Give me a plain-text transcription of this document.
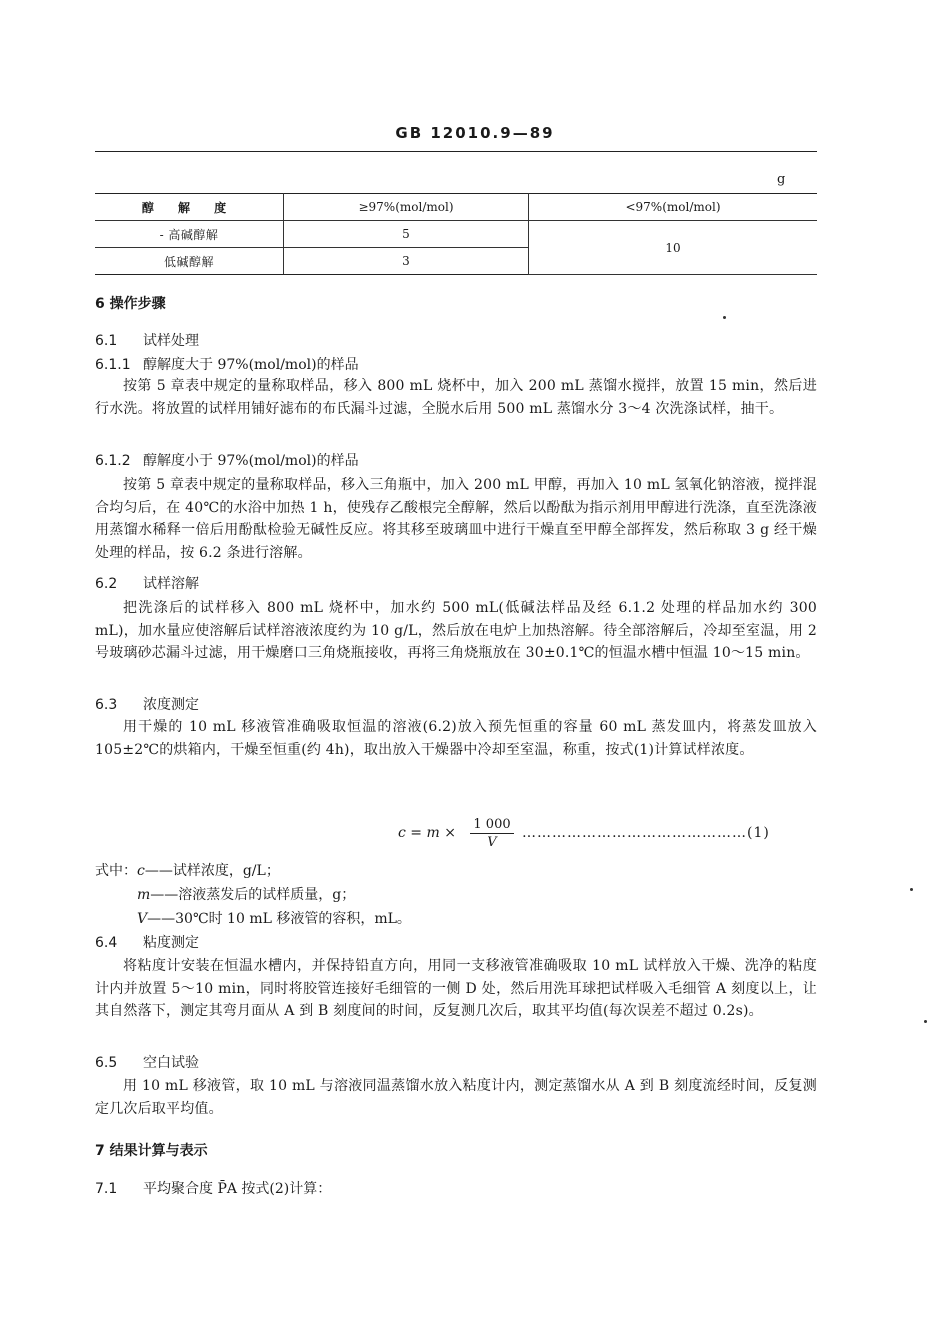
GB 12010.9—89
g
醇 解 度	≥97%(mol/mol)	<97%(mol/mol)
- 高碱醇解	5	10
低碱醇解	3	
6 操作步骤
6.1 试样处理
6.1.1 醇解度大于 97%(mol/mol)的样品
按第 5 章表中规定的量称取样品，移入 800 mL 烧杯中，加入 200 mL 蒸馏水搅拌，放置 15 min，然后进行水洗。将放置的试样用铺好滤布的布氏漏斗过滤，全脱水后用 500 mL 蒸馏水分 3～4 次洗涤试样，抽干。
6.1.2 醇解度小于 97%(mol/mol)的样品
按第 5 章表中规定的量称取样品，移入三角瓶中，加入 200 mL 甲醇，再加入 10 mL 氢氧化钠溶液，搅拌混合均匀后，在 40℃的水浴中加热 1 h，使残存乙酸根完全醇解，然后以酚酞为指示剂用甲醇进行洗涤，直至洗涤液用蒸馏水稀释一倍后用酚酞检验无碱性反应。将其移至玻璃皿中进行干燥直至甲醇全部挥发，然后称取 3 g 经干燥处理的样品，按 6.2 条进行溶解。
6.2 试样溶解
把洗涤后的试样移入 800 mL 烧杯中，加水约 500 mL(低碱法样品及经 6.1.2 处理的样品加水约 300 mL)，加水量应使溶解后试样溶液浓度约为 10 g/L，然后放在电炉上加热溶解。待全部溶解后，冷却至室温，用 2 号玻璃砂芯漏斗过滤，用干燥磨口三角烧瓶接收，再将三角烧瓶放在 30±0.1℃的恒温水槽中恒温 10～15 min。
6.3 浓度测定
用干燥的 10 mL 移液管准确吸取恒温的溶液(6.2)放入预先恒重的容量 60 mL 蒸发皿内，将蒸发皿放入 105±2℃的烘箱内，干燥至恒重(约 4h)，取出放入干燥器中冷却至室温，称重，按式(1)计算试样浓度。
$c = m \times \frac{1 000}{V}$ ………………………………………(1)
式中：c——试样浓度，g/L；
m——溶液蒸发后的试样质量，g；
V——30℃时 10 mL 移液管的容积，mL。
6.4 粘度测定
将粘度计安装在恒温水槽内，并保持铅直方向，用同一支移液管准确吸取 10 mL 试样放入干燥、洗净的粘度计内并放置 5～10 min，同时将胶管连接好毛细管的一侧 D 处，然后用洗耳球把试样吸入毛细管 A 刻度以上，让其自然落下，测定其弯月面从 A 到 B 刻度间的时间，反复测几次后，取其平均值(每次误差不超过 0.2s)。
6.5 空白试验
用 10 mL 移液管，取 10 mL 与溶液同温蒸馏水放入粘度计内，测定蒸馏水从 A 到 B 刻度流经时间，反复测定几次后取平均值。
7 结果计算与表示
7.1 平均聚合度 P̄A 按式(2)计算：
